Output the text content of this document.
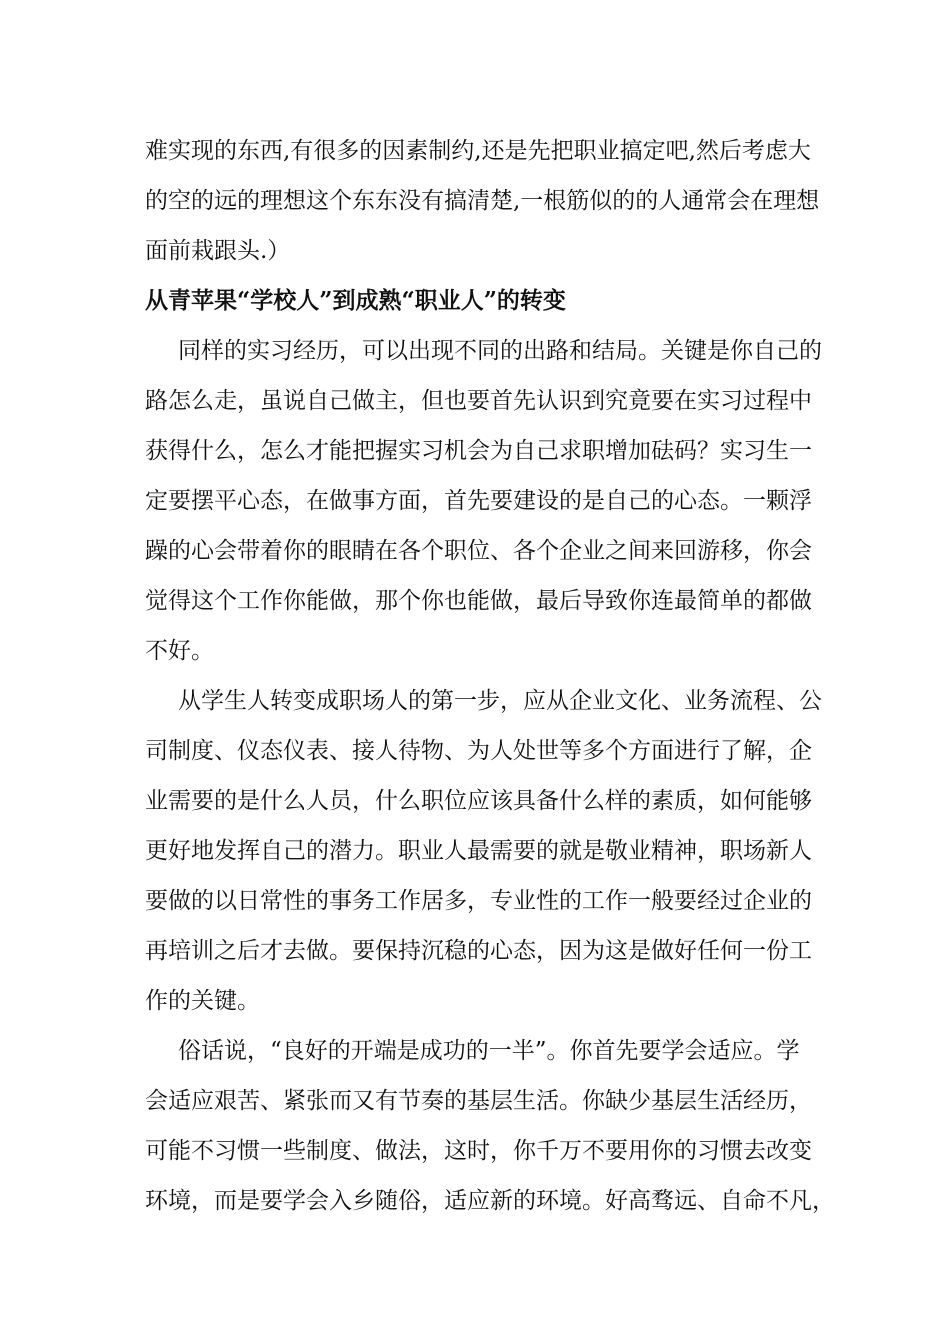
难实现的东西,有很多的因素制约,还是先把职业搞定吧,然后考虑大
的空的远的理想这个东东没有搞清楚,一根筋似的的人通常会在理想
面前栽跟头.）
从青苹果“学校人”到成熟“职业人”的转变
同样的实习经历，可以出现不同的出路和结局。关键是你自己的
路怎么走，虽说自己做主，但也要首先认识到究竟要在实习过程中
获得什么，怎么才能把握实习机会为自己求职增加砝码？实习生一
定要摆平心态，在做事方面，首先要建设的是自己的心态。一颗浮
躁的心会带着你的眼睛在各个职位、各个企业之间来回游移，你会
觉得这个工作你能做，那个你也能做，最后导致你连最简单的都做
不好。
从学生人转变成职场人的第一步，应从企业文化、业务流程、公
司制度、仪态仪表、接人待物、为人处世等多个方面进行了解，企
业需要的是什么人员，什么职位应该具备什么样的素质，如何能够
更好地发挥自己的潜力。职业人最需要的就是敬业精神，职场新人
要做的以日常性的事务工作居多，专业性的工作一般要经过企业的
再培训之后才去做。要保持沉稳的心态，因为这是做好任何一份工
作的关键。
俗话说，“良好的开端是成功的一半”。你首先要学会适应。学
会适应艰苦、紧张而又有节奏的基层生活。你缺少基层生活经历，
可能不习惯一些制度、做法，这时，你千万不要用你的习惯去改变
环境，而是要学会入乡随俗，适应新的环境。好高骛远、自命不凡，
